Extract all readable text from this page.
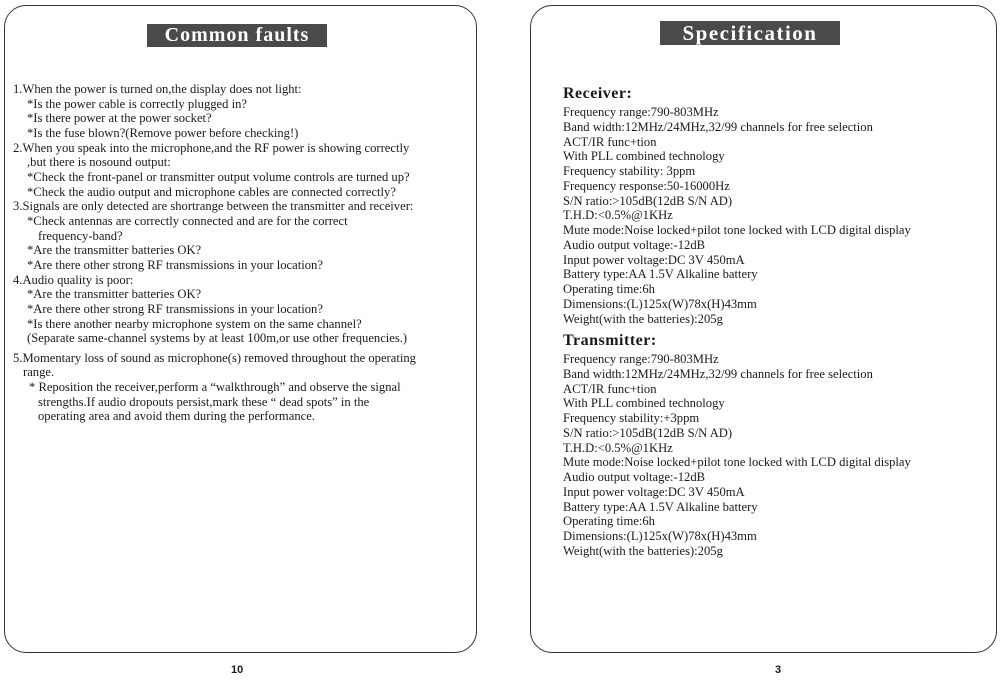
Common faults
1.When the power is turned on,the display does not light:
*Is the power cable is correctly plugged in?
*Is there power at the power socket?
*Is the fuse blown?(Remove power before checking!)
2.When you speak into the microphone,and the RF power is showing correctly
,but there is nosound output:
*Check the front-panel or transmitter output volume controls are turned up?
*Check the audio output and microphone cables are connected correctly?
3.Signals are only detected are shortrange between the transmitter and receiver:
*Check antennas are correctly connected and are for the correct
frequency-band?
*Are the transmitter batteries OK?
*Are there other strong RF transmissions in your location?
4.Audio quality is poor:
*Are the transmitter batteries OK?
*Are there other strong RF transmissions in your location?
*Is there another nearby microphone system on the same channel?
(Separate same-channel systems by at least 100m,or use other frequencies.)
5.Momentary loss of sound as microphone(s) removed throughout the operating
range.
* Reposition the receiver,perform a “walkthrough” and observe the signal
strengths.If audio dropouts persist,mark these “ dead spots” in the
operating area and avoid them during the performance.
Specification
Receiver:
Frequency range:790-803MHz
Band width:12MHz/24MHz,32/99 channels for free selection
ACT/IR func+tion
With PLL combined technology
Frequency stability: 3ppm
Frequency response:50-16000Hz
S/N ratio:>105dB(12dB S/N AD)
T.H.D:<0.5%@1KHz
Mute mode:Noise locked+pilot tone locked with LCD digital display
Audio output voltage:-12dB
Input power voltage:DC 3V 450mA
Battery type:AA 1.5V Alkaline battery
Operating time:6h
Dimensions:(L)125x(W)78x(H)43mm
Weight(with the batteries):205g
Transmitter:
Frequency range:790-803MHz
Band width:12MHz/24MHz,32/99 channels for free selection
ACT/IR func+tion
With PLL combined technology
Frequency stability:+3ppm
S/N ratio:>105dB(12dB S/N AD)
T.H.D:<0.5%@1KHz
Mute mode:Noise locked+pilot tone locked with LCD digital display
Audio output voltage:-12dB
Input power voltage:DC 3V 450mA
Battery type:AA 1.5V Alkaline battery
Operating time:6h
Dimensions:(L)125x(W)78x(H)43mm
Weight(with the batteries):205g
10	3
